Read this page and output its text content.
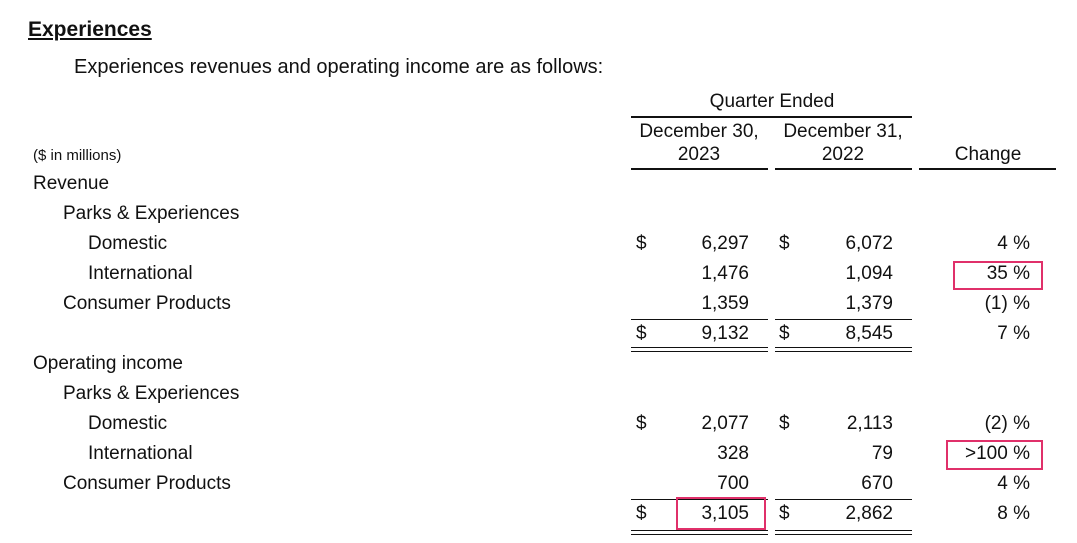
Experiences
Experiences revenues and operating income are as follows:
Quarter Ended
December 30,
2023
December 31,
2022	Change
($ in millions)
Revenue
Parks & Experiences
Domestic	$	6,297 $	6,072	4 %
International	1,476	1,094	35 %
Consumer Products	1,359	1,379	(1) %
$	9,132 $	8,545	7 %
Operating income
Parks & Experiences
Domestic	$	2,077 $	2,113	(2) %
International	328	79	>100 %
Consumer Products	700	670	4 %
$	3,105 $	2,862	8 %
